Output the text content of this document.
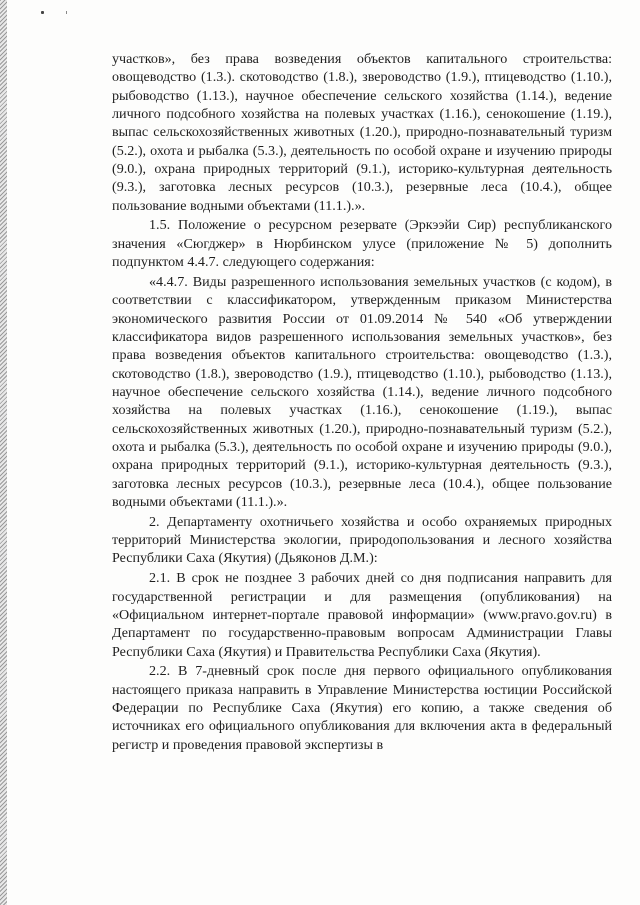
участков», без права возведения объектов капитального строительства: овощеводство (1.3.). скотоводство (1.8.), звероводство (1.9.), птицеводство (1.10.), рыбоводство (1.13.), научное обеспечение сельского хозяйства (1.14.), ведение личного подсобного хозяйства на полевых участках (1.16.), сенокошение (1.19.), выпас сельскохозяйственных животных (1.20.), природно-познавательный туризм (5.2.), охота и рыбалка (5.3.), деятельность по особой охране и изучению природы (9.0.), охрана природных территорий (9.1.), историко-культурная деятельность (9.3.), заготовка лесных ресурсов (10.3.), резервные леса (10.4.), общее пользование водными объектами (11.1.).».

1.5. Положение о ресурсном резервате (Эркээйи Сир) республиканского значения «Сюгджер» в Нюрбинском улусе (приложение № 5) дополнить подпунктом 4.4.7. следующего содержания:

«4.4.7. Виды разрешенного использования земельных участков (с кодом), в соответствии с классификатором, утвержденным приказом Министерства экономического развития России от 01.09.2014 № 540 «Об утверждении классификатора видов разрешенного использования земельных участков», без права возведения объектов капитального строительства: овощеводство (1.3.), скотоводство (1.8.), звероводство (1.9.), птицеводство (1.10.), рыбоводство (1.13.), научное обеспечение сельского хозяйства (1.14.), ведение личного подсобного хозяйства на полевых участках (1.16.), сенокошение (1.19.), выпас сельскохозяйственных животных (1.20.), природно-познавательный туризм (5.2.), охота и рыбалка (5.3.), деятельность по особой охране и изучению природы (9.0.), охрана природных территорий (9.1.), историко-культурная деятельность (9.3.), заготовка лесных ресурсов (10.3.), резервные леса (10.4.), общее пользование водными объектами (11.1.).».

2. Департаменту охотничьего хозяйства и особо охраняемых природных территорий Министерства экологии, природопользования и лесного хозяйства Республики Саха (Якутия) (Дьяконов Д.М.):

2.1. В срок не позднее 3 рабочих дней со дня подписания направить для государственной регистрации и для размещения (опубликования) на «Официальном интернет-портале правовой информации» (www.pravo.gov.ru) в Департамент по государственно-правовым вопросам Администрации Главы Республики Саха (Якутия) и Правительства Республики Саха (Якутия).

2.2. В 7-дневный срок после дня первого официального опубликования настоящего приказа направить в Управление Министерства юстиции Российской Федерации по Республике Саха (Якутия) его копию, а также сведения об источниках его официального опубликования для включения акта в федеральный регистр и проведения правовой экспертизы в
